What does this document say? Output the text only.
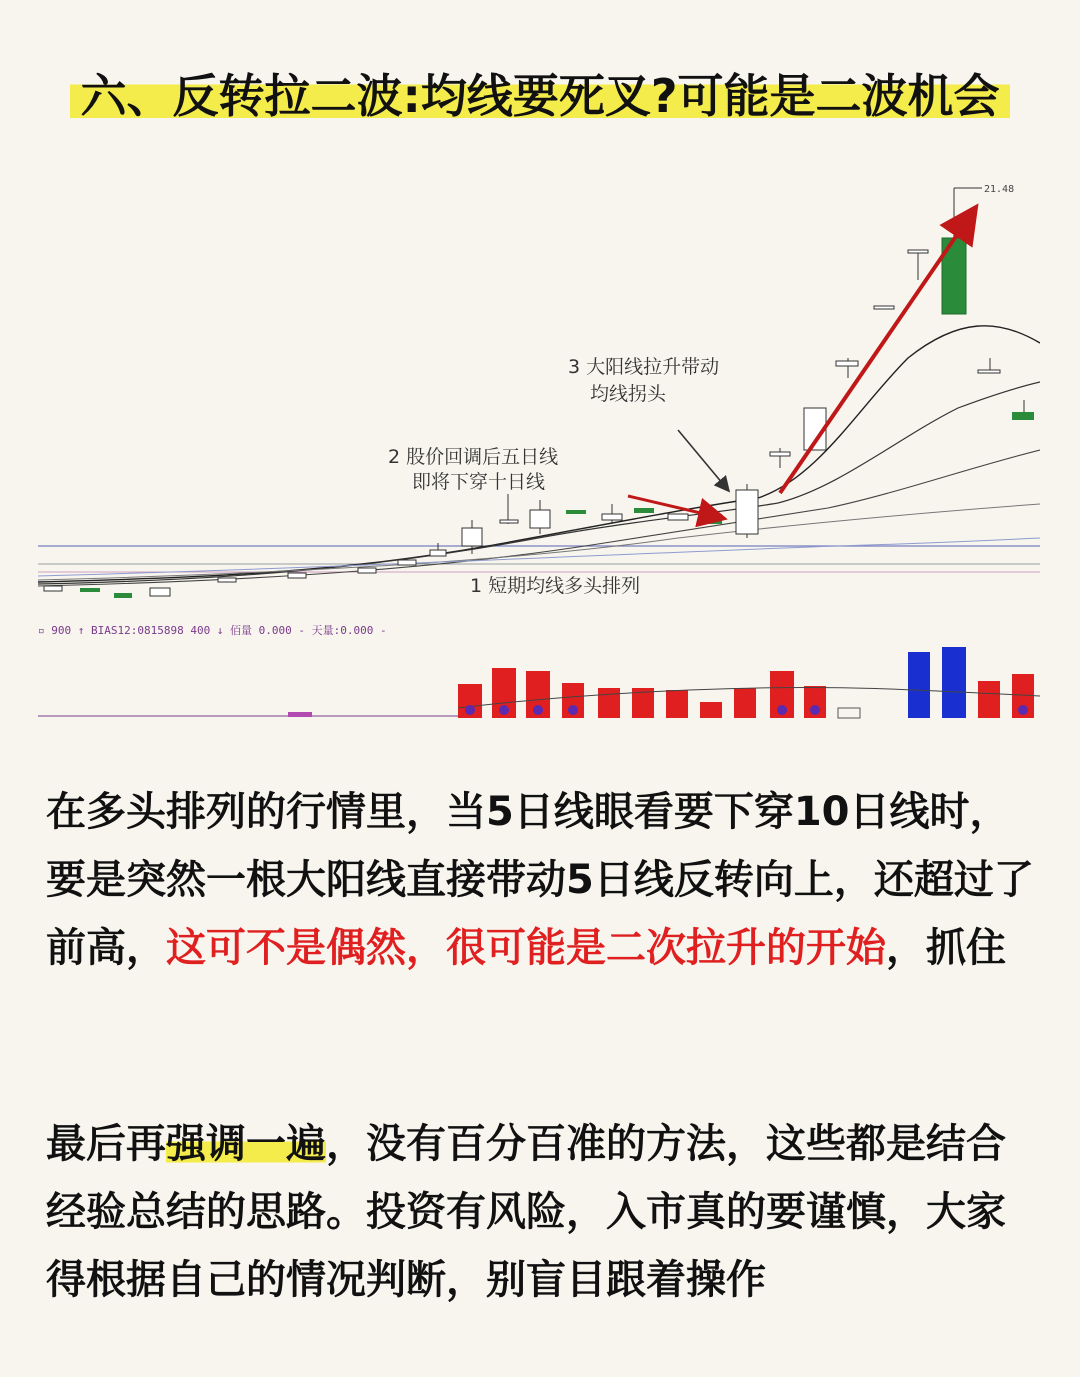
六、反转拉二波:均线要死叉?可能是二波机会
3 大阳线拉升带动
均线拐头
2 股价回调后五日线
即将下穿十日线
1 短期均线多头排列
21.48
▫ 900 ↑ BIAS12:0815898 400 ↓ 佰量 0.000 - 天量:0.000 -
在多头排列的行情里，当5日线眼看要下穿10日线时，要是突然一根大阳线直接带动5日线反转向上，还超过了前高，这可不是偶然，很可能是二次拉升的开始，抓住
最后再强调一遍，没有百分百准的方法，这些都是结合经验总结的思路。投资有风险，入市真的要谨慎，大家得根据自己的情况判断，别盲目跟着操作
